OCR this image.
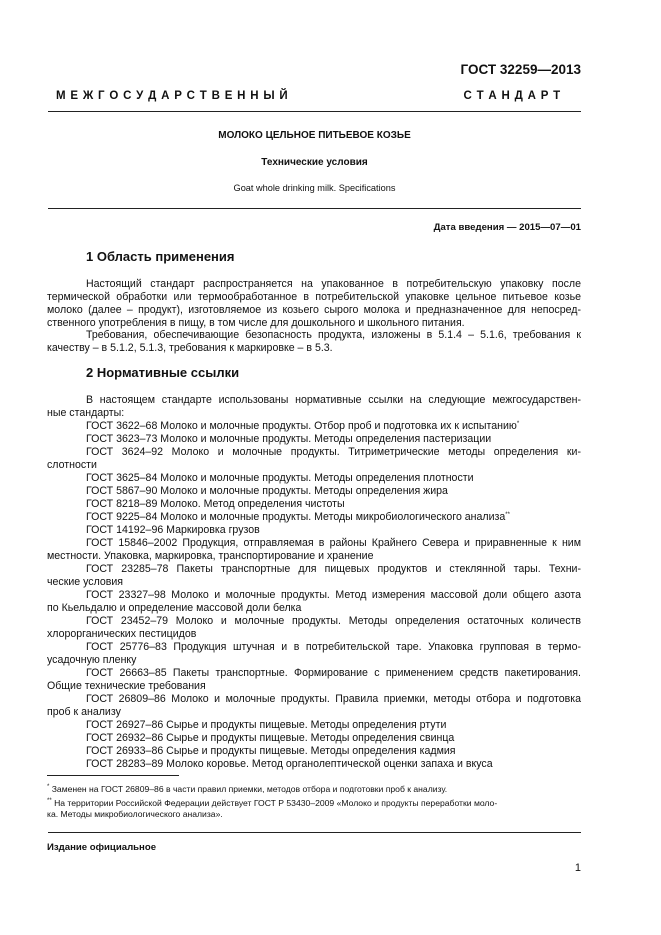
ГОСТ 32259—2013
М Е Ж Г О С У Д А Р С Т В Е Н Н Ы Й	С Т А Н Д А Р Т
МОЛОКО ЦЕЛЬНОЕ ПИТЬЕВОЕ КОЗЬЕ
Технические условия
Goat whole drinking milk. Specifications
Дата введения — 2015—07—01
1 Область применения
Настоящий стандарт распространяется на упакованное в потребительскую упаковку после
термической обработки или термообработанное в потребительской упаковке цельное питьевое козье
молоко (далее – продукт), изготовляемое из козьего сырого молока и предназначенное для непосред-
ственного употребления в пищу, в том числе для дошкольного и школьного питания.
Требования, обеспечивающие безопасность продукта, изложены в 5.1.4 – 5.1.6, требования к
качеству – в 5.1.2, 5.1.3, требования к маркировке – в 5.3.
2 Нормативные ссылки
В настоящем стандарте использованы нормативные ссылки на следующие межгосударствен-
ные стандарты:
ГОСТ 3622–68 Молоко и молочные продукты. Отбор проб и подготовка их к испытанию*
ГОСТ 3623–73 Молоко и молочные продукты. Методы определения пастеризации
ГОСТ 3624–92 Молоко и молочные продукты. Титриметрические методы определения ки-
слотности
ГОСТ 3625–84 Молоко и молочные продукты. Методы определения плотности
ГОСТ 5867–90 Молоко и молочные продукты. Методы определения жира
ГОСТ 8218–89 Молоко. Метод определения чистоты
ГОСТ 9225–84 Молоко и молочные продукты. Методы микробиологического анализа**
ГОСТ 14192–96 Маркировка грузов
ГОСТ 15846–2002 Продукция, отправляемая в районы Крайнего Севера и приравненные к ним
местности. Упаковка, маркировка, транспортирование и хранение
ГОСТ 23285–78 Пакеты транспортные для пищевых продуктов и стеклянной тары. Техни-
ческие условия
ГОСТ 23327–98 Молоко и молочные продукты. Метод измерения массовой доли общего азота
по Кьельдалю и определение массовой доли белка
ГОСТ 23452–79 Молоко и молочные продукты. Методы определения остаточных количеств
хлорорганических пестицидов
ГОСТ 25776–83 Продукция штучная и в потребительской таре. Упаковка групповая в термо-
усадочную пленку
ГОСТ 26663–85 Пакеты транспортные. Формирование с применением средств пакетирования.
Общие технические требования
ГОСТ 26809–86 Молоко и молочные продукты. Правила приемки, методы отбора и подготовка
проб к анализу
ГОСТ 26927–86 Сырье и продукты пищевые. Методы определения ртути
ГОСТ 26932–86 Сырье и продукты пищевые. Методы определения свинца
ГОСТ 26933–86 Сырье и продукты пищевые. Методы определения кадмия
ГОСТ 28283–89 Молоко коровье. Метод органолептической оценки запаха и вкуса
* Заменен на ГОСТ 26809–86 в части правил приемки, методов отбора и подготовки проб к анализу.
** На территории Российской Федерации действует ГОСТ Р 53430–2009 «Молоко и продукты переработки моло-
ка. Методы микробиологического анализа».
Издание официальное
1
